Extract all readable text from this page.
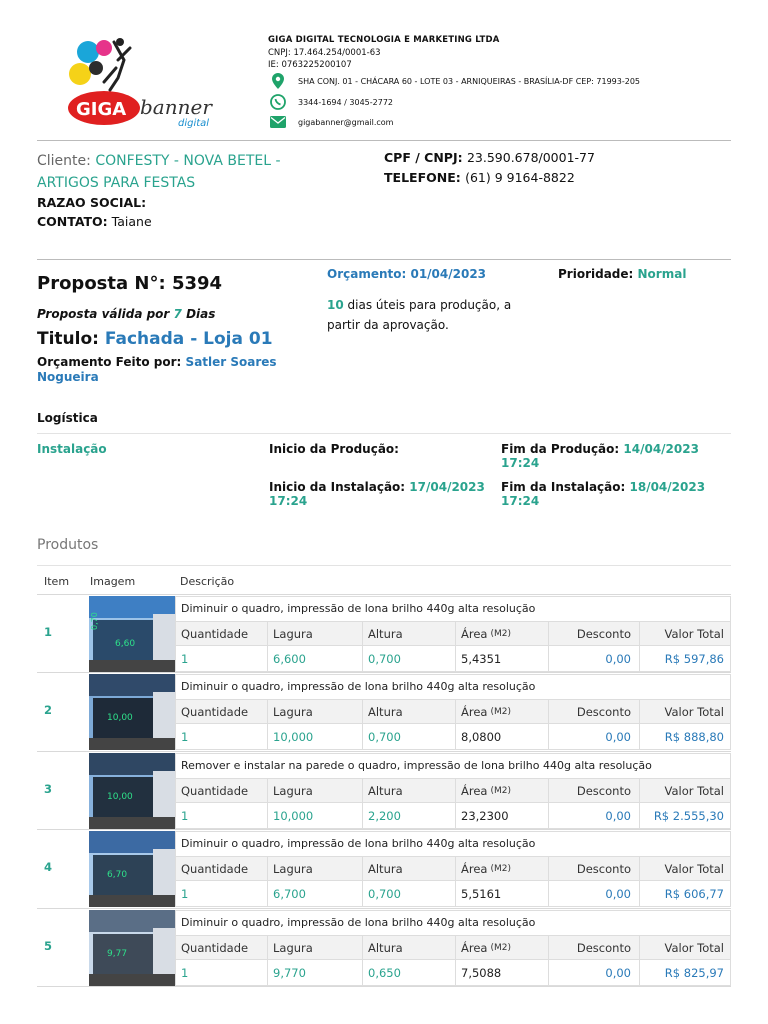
GIGA banner
digital
GIGA DIGITAL TECNOLOGIA E MARKETING LTDA
CNPJ: 17.464.254/0001-63
IE: 0763225200107
SHA CONJ. 01 - CHÁCARA 60 - LOTE 03 - ARNIQUEIRAS - BRASÍLIA-DF CEP: 71993-205
3344-1694 / 3045-2772
gigabanner@gmail.com
Cliente: CONFESTY - NOVA BETEL - ARTIGOS PARA FESTAS
RAZAO SOCIAL:
CONTATO: Taiane
CPF / CNPJ: 23.590.678/0001-77
TELEFONE: (61) 9 9164-8822
Proposta N°: 5394
Proposta válida por 7 Dias
Titulo: Fachada - Loja 01
Orçamento Feito por: Satler Soares Nogueira
Orçamento: 01/04/2023	Prioridade: Normal
10 dias úteis para produção, a partir da aprovação.
Logística
Instalação	Inicio da Produção:	Fim da Produção: 14/04/2023 17:24
Inicio da Instalação: 17/04/2023 17:24
Fim da Instalação: 18/04/2023 17:24
Produtos
Item Imagem	Descrição
1
0,70
6,60
Diminuir o quadro, impressão de lona brilho 440g alta resolução
Quantidade	Lagura	Altura	Área (M2)	Desconto	Valor Total
1	6,600	0,700	5,4351	0,00	R$ 597,86
2
10,00
Diminuir o quadro, impressão de lona brilho 440g alta resolução
Quantidade	Lagura	Altura	Área (M2)	Desconto	Valor Total
1	10,000	0,700	8,0800	0,00	R$ 888,80
3
10,00
Remover e instalar na parede o quadro, impressão de lona brilho 440g alta resolução
Quantidade	Lagura	Altura	Área (M2)	Desconto	Valor Total
1	10,000	2,200	23,2300	0,00	R$ 2.555,30
4
6,70
Diminuir o quadro, impressão de lona brilho 440g alta resolução
Quantidade	Lagura	Altura	Área (M2)	Desconto	Valor Total
1	6,700	0,700	5,5161	0,00	R$ 606,77
5
9,77
Diminuir o quadro, impressão de lona brilho 440g alta resolução
Quantidade	Lagura	Altura	Área (M2)	Desconto	Valor Total
1	9,770	0,650	7,5088	0,00	R$ 825,97
